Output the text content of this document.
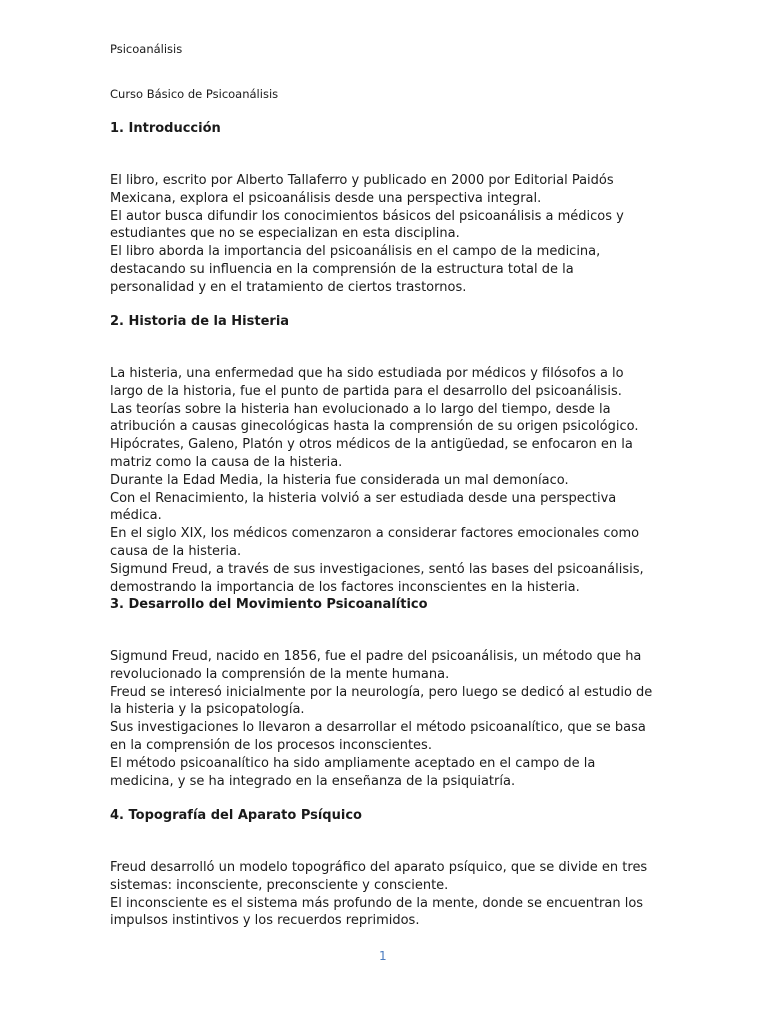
Psicoanálisis
Curso Básico de Psicoanálisis
1. Introducción

El libro, escrito por Alberto Tallaferro y publicado en 2000 por Editorial Paidós Mexicana, explora el psicoanálisis desde una perspectiva integral.

El autor busca difundir los conocimientos básicos del psicoanálisis a médicos y estudiantes que no se especializan en esta disciplina.

El libro aborda la importancia del psicoanálisis en el campo de la medicina, destacando su influencia en la comprensión de la estructura total de la personalidad y en el tratamiento de ciertos trastornos.

2. Historia de la Histeria

La histeria, una enfermedad que ha sido estudiada por médicos y filósofos a lo largo de la historia, fue el punto de partida para el desarrollo del psicoanálisis.

Las teorías sobre la histeria han evolucionado a lo largo del tiempo, desde la atribución a causas ginecológicas hasta la comprensión de su origen psicológico.

Hipócrates, Galeno, Platón y otros médicos de la antigüedad, se enfocaron en la matriz como la causa de la histeria.

Durante la Edad Media, la histeria fue considerada un mal demoníaco.

Con el Renacimiento, la histeria volvió a ser estudiada desde una perspectiva médica.

En el siglo XIX, los médicos comenzaron a considerar factores emocionales como causa de la histeria.

Sigmund Freud, a través de sus investigaciones, sentó las bases del psicoanálisis, demostrando la importancia de los factores inconscientes en la histeria.

3. Desarrollo del Movimiento Psicoanalítico

Sigmund Freud, nacido en 1856, fue el padre del psicoanálisis, un método que ha revolucionado la comprensión de la mente humana.

Freud se interesó inicialmente por la neurología, pero luego se dedicó al estudio de la histeria y la psicopatología.

Sus investigaciones lo llevaron a desarrollar el método psicoanalítico, que se basa en la comprensión de los procesos inconscientes.

El método psicoanalítico ha sido ampliamente aceptado en el campo de la medicina, y se ha integrado en la enseñanza de la psiquiatría.

4. Topografía del Aparato Psíquico

Freud desarrolló un modelo topográfico del aparato psíquico, que se divide en tres sistemas: inconsciente, preconsciente y consciente.

El inconsciente es el sistema más profundo de la mente, donde se encuentran los impulsos instintivos y los recuerdos reprimidos.

1
